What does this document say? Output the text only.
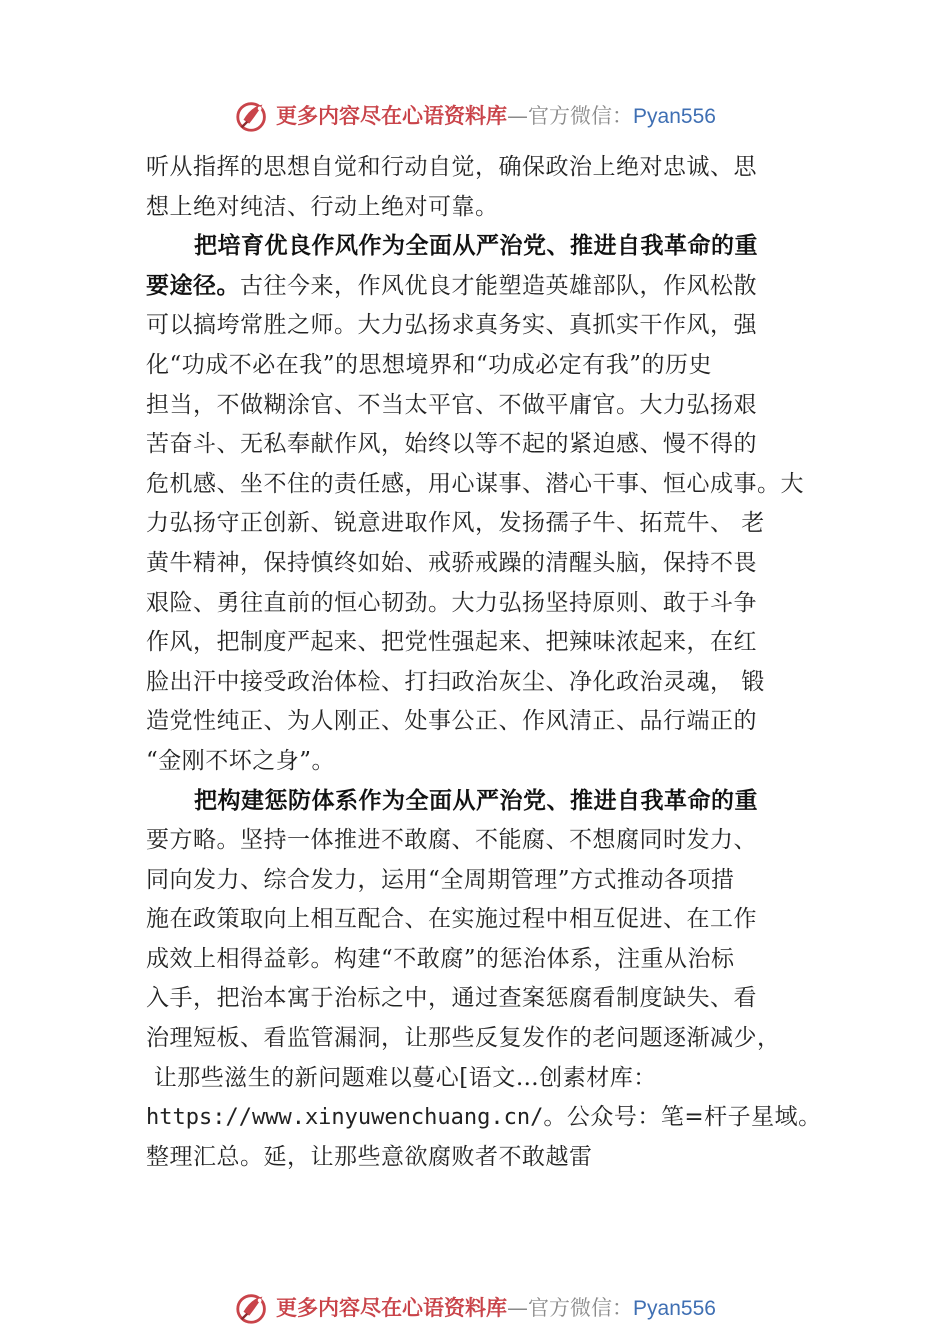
更多内容尽在心语资料库—官方微信：Pyan556
听从指挥的思想自觉和行动自觉，确保政治上绝对忠诚、思
想上绝对纯洁、行动上绝对可靠。
把培育优良作风作为全面从严治党、推进自我革命的重
要途径。古往今来，作风优良才能塑造英雄部队，作风松散
可以搞垮常胜之师。大力弘扬求真务实、真抓实干作风，强
化“功成不必在我”的思想境界和“功成必定有我”的历史
担当，不做糊涂官、不当太平官、不做平庸官。大力弘扬艰
苦奋斗、无私奉献作风，始终以等不起的紧迫感、慢不得的
危机感、坐不住的责任感，用心谋事、潜心干事、恒心成事。大
力弘扬守正创新、锐意进取作风，发扬孺子牛、拓荒牛、 老
黄牛精神，保持慎终如始、戒骄戒躁的清醒头脑，保持不畏
艰险、勇往直前的恒心韧劲。大力弘扬坚持原则、敢于斗争
作风，把制度严起来、把党性强起来、把辣味浓起来，在红
脸出汗中接受政治体检、打扫政治灰尘、净化政治灵魂， 锻
造党性纯正、为人刚正、处事公正、作风清正、品行端正的
“金刚不坏之身”。
把构建惩防体系作为全面从严治党、推进自我革命的重
要方略。坚持一体推进不敢腐、不能腐、不想腐同时发力、
同向发力、综合发力，运用“全周期管理”方式推动各项措
施在政策取向上相互配合、在实施过程中相互促进、在工作
成效上相得益彰。构建“不敢腐”的惩治体系，注重从治标
入手，把治本寓于治标之中，通过查案惩腐看制度缺失、看
治理短板、看监管漏洞，让那些反复发作的老问题逐渐减少，
让那些滋生的新问题难以蔓心[语文…创素材库：
https://www.xinyuwenchuang.cn/。公众号：笔=杆子星域。
整理汇总。延，让那些意欲腐败者不敢越雷
更多内容尽在心语资料库—官方微信：Pyan556
